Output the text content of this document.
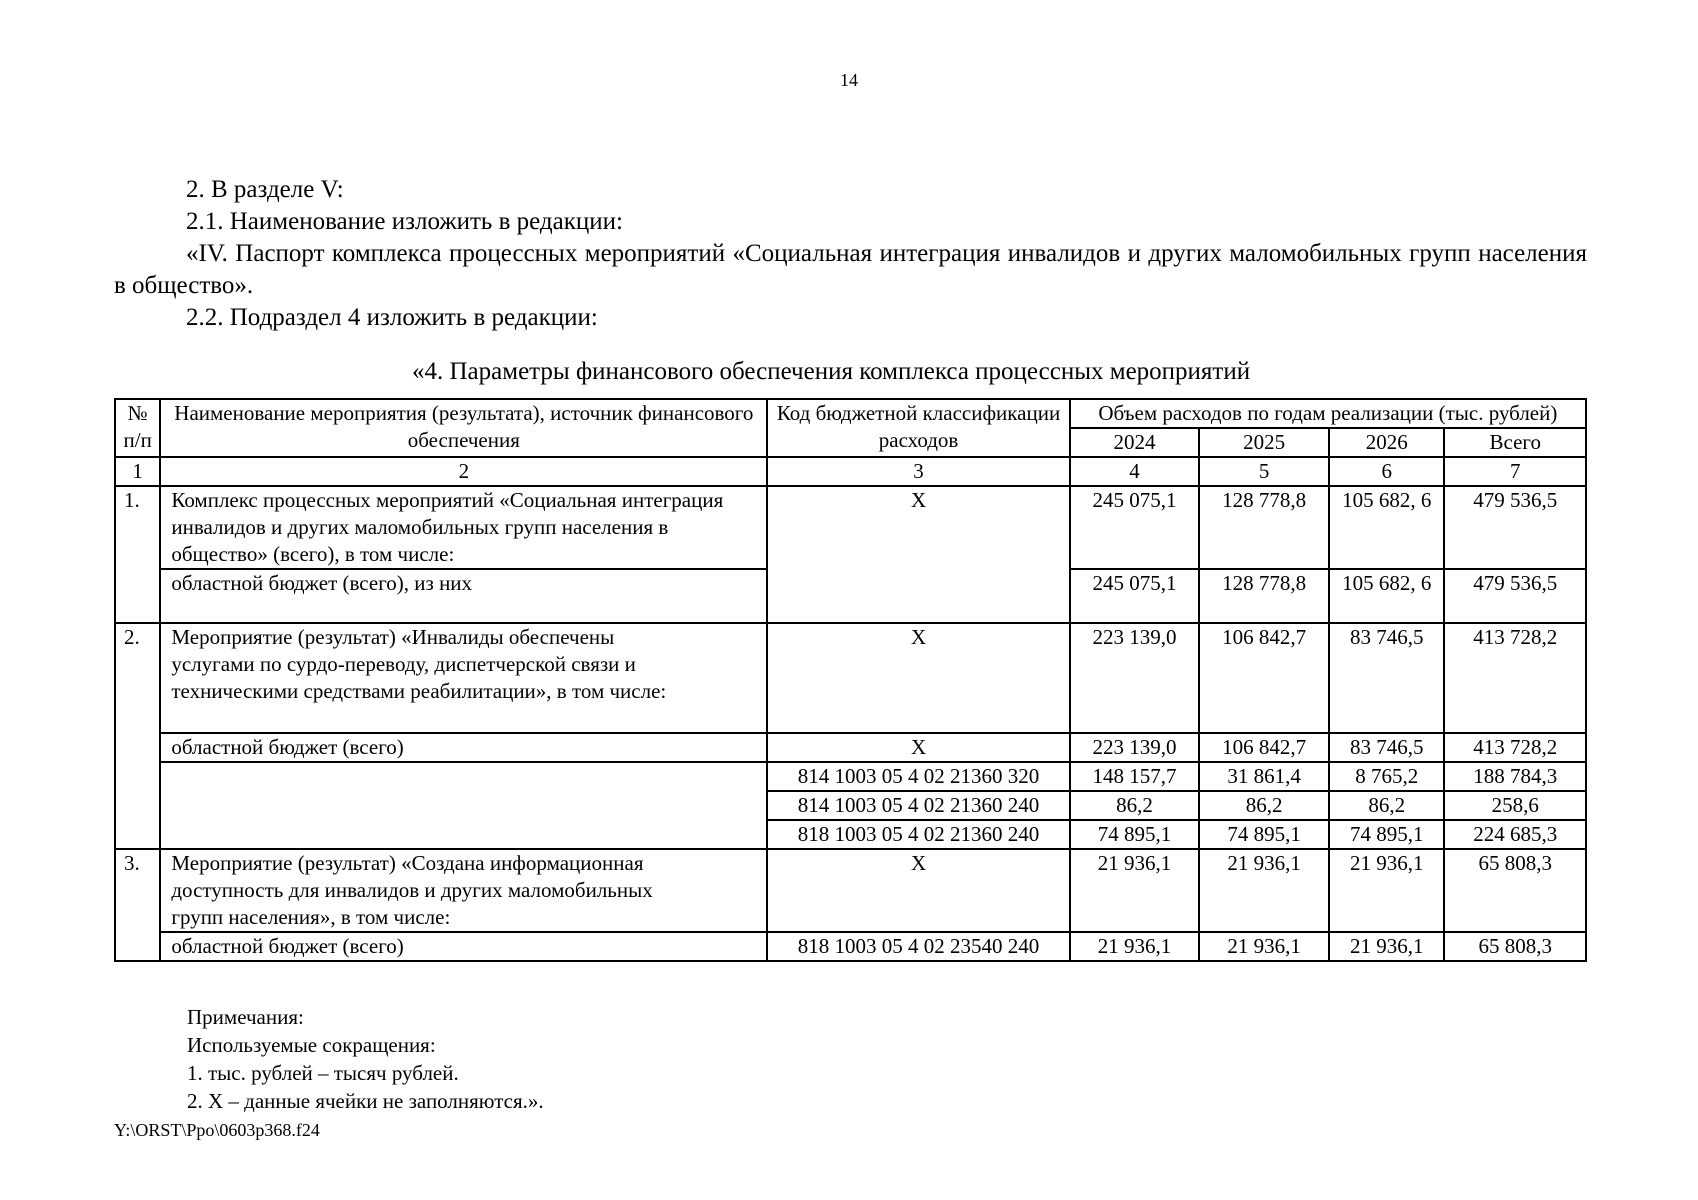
14

2. В разделе V:

2.1. Наименование изложить в редакции:

«IV. Паспорт комплекса процессных мероприятий «Социальная интеграция инвалидов и других маломобильных групп населения в общество».

2.2. Подраздел 4 изложить в редакции:

«4. Параметры финансового обеспечения комплекса процессных мероприятий
№ п/п	Наименование мероприятия (результата), источник финансового обеспечения	Код бюджетной классификации расходов	Объем расходов по годам реализации (тыс. рублей)			
			2024	2025	2026	Всего
1	2	3	4	5	6	7
1.	Комплекс процессных мероприятий «Социальная интеграция инвалидов и других маломобильных групп населения в общество» (всего), в том числе:	Х	245 075,1	128 778,8	105 682, 6	479 536,5
	областной бюджет (всего), из них		245 075,1	128 778,8	105 682, 6	479 536,5
2.	Мероприятие (результат) «Инвалиды обеспечены услугами по сурдо-переводу, диспетчерской связи и техническими средствами реабилитации», в том числе:	Х	223 139,0	106 842,7	83 746,5	413 728,2
	областной бюджет (всего)	Х	223 139,0	106 842,7	83 746,5	413 728,2
		814 1003 05 4 02 21360 320	148 157,7	31 861,4	8 765,2	188 784,3
		814 1003 05 4 02 21360 240	86,2	86,2	86,2	258,6
		818 1003 05 4 02 21360 240	74 895,1	74 895,1	74 895,1	224 685,3
3.	Мероприятие (результат) «Создана информационная доступность для инвалидов и других маломобильных групп населения», в том числе:	Х	21 936,1	21 936,1	21 936,1	65 808,3
	областной бюджет (всего)	818 1003 05 4 02 23540 240	21 936,1	21 936,1	21 936,1	65 808,3

Примечания:

Используемые сокращения:

1. тыс. рублей – тысяч рублей.

2. Х – данные ячейки не заполняются.».

Y:\ORST\Ppo\0603p368.f24
